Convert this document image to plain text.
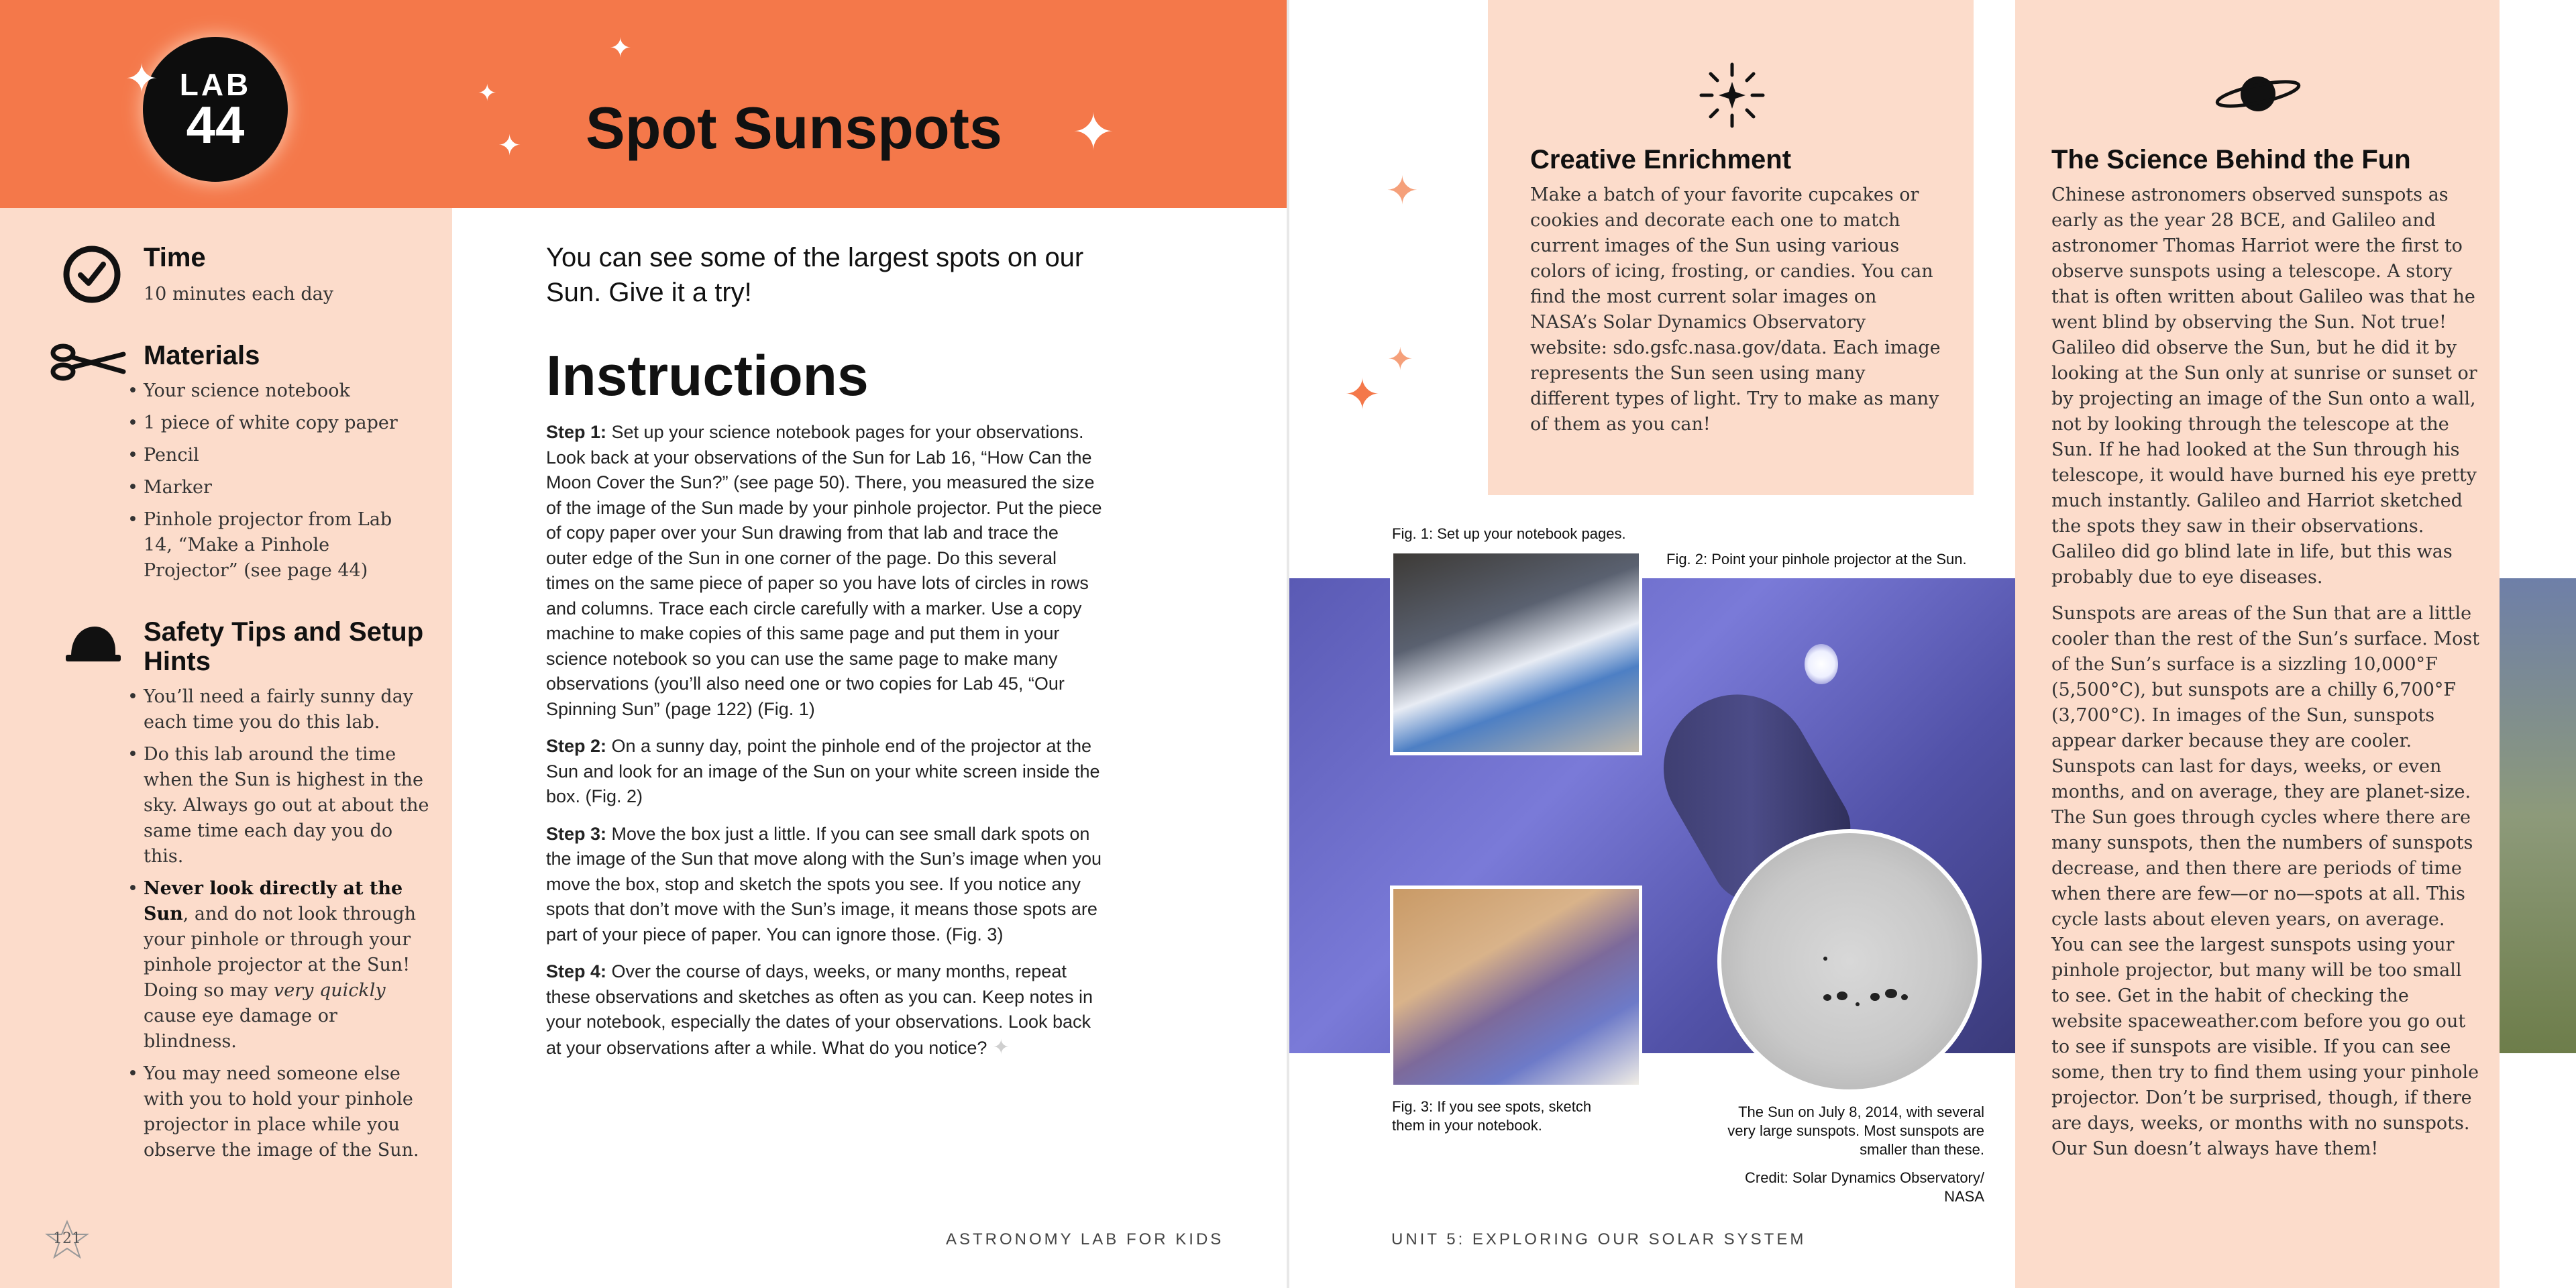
LAB
44
✦
✦
✦
✦	✦
Spot Sunspots
Time
10 minutes each day
Materials
• Your science notebook
• 1 piece of white copy paper
• Pencil
• Marker
• Pinhole projector from Lab 14, “Make a Pinhole Projector” (see page 44)
Safety Tips and Setup Hints
• You’ll need a fairly sunny day each time you do this lab.
• Do this lab around the time when the Sun is highest in the sky. Always go out at about the same time each day you do this.
• Never look directly at the Sun, and do not look through your pinhole or through your pinhole projector at the Sun! Doing so may very quickly cause eye damage or blindness.
• You may need someone else with you to hold your pinhole projector in place while you observe the image of the Sun.
You can see some of the largest spots on our Sun. Give it a try!
Instructions

Step 1: Set up your science notebook pages for your observations. Look back at your observations of the Sun for Lab 16, “How Can the Moon Cover the Sun?” (see page 50). There, you measured the size of the image of the Sun made by your pinhole projector. Put the piece of copy paper over your Sun drawing from that lab and trace the outer edge of the Sun in one corner of the page. Do this several times on the same piece of paper so you have lots of circles in rows and columns. Trace each circle carefully with a marker. Use a copy machine to make copies of this same page and put them in your science notebook so you can use the same page to make many observations (you’ll also need one or two copies for Lab 45, “Our Spinning Sun” (page 122) (Fig. 1)

Step 2: On a sunny day, point the pinhole end of the projector at the Sun and look for an image of the Sun on your white screen inside the box. (Fig. 2)

Step 3: Move the box just a little. If you can see small dark spots on the image of the Sun that move along with the Sun’s image when you move the box, stop and sketch the spots you see. If you notice any spots that don’t move with the Sun’s image, it means those spots are part of your piece of paper. You can ignore those. (Fig. 3)

Step 4: Over the course of days, weeks, or many months, repeat these observations and sketches as often as you can. Keep notes in your notebook, especially the dates of your observations. Look back at your observations after a while. What do you notice? ✦

121	ASTRONOMY LAB FOR KIDS
✦
✦
✦
Creative Enrichment
Make a batch of your favorite cupcakes or cookies and decorate each one to match current images of the Sun using various colors of icing, frosting, or candies. You can find the most current solar images on NASA’s Solar Dynamics Observatory website: sdo.gsfc.nasa.gov/data. Each image represents the Sun seen using many different types of light. Try to make as many of them as you can!
The Science Behind the Fun
Chinese astronomers observed sunspots as early as the year 28 BCE, and Galileo and astronomer Thomas Harriot were the first to observe sunspots using a telescope. A story that is often written about Galileo was that he went blind by observing the Sun. Not true! Galileo did observe the Sun, but he did it by looking at the Sun only at sunrise or sunset or by projecting an image of the Sun onto a wall, not by looking through the telescope at the Sun. If he had looked at the Sun through his telescope, it would have burned his eye pretty much instantly. Galileo and Harriot sketched the spots they saw in their observations. Galileo did go blind late in life, but this was probably due to eye diseases.
Sunspots are areas of the Sun that are a little cooler than the rest of the Sun’s surface. Most of the Sun’s surface is a sizzling 10,000°F (5,500°C), but sunspots are a chilly 6,700°F (3,700°C). In images of the Sun, sunspots appear darker because they are cooler. Sunspots can last for days, weeks, or even months, and on average, they are planet-size. The Sun goes through cycles where there are many sunspots, then the numbers of sunspots decrease, and then there are periods of time when there are few—or no—spots at all. This cycle lasts about eleven years, on average. You can see the largest sunspots using your pinhole projector, but many will be too small to see. Get in the habit of checking the website spaceweather.com before you go out to see if sunspots are visible. If you can see some, then try to find them using your pinhole projector. Don’t be surprised, though, if there are days, weeks, or months with no sunspots. Our Sun doesn’t always have them!
Fig. 1: Set up your notebook pages.
Fig. 2: Point your pinhole projector at the Sun.
Fig. 3: If you see spots, sketch them in your notebook.
The Sun on July 8, 2014, with several very large sunspots. Most sunspots are smaller than these.
Credit: Solar Dynamics Observatory/ NASA
UNIT 5: EXPLORING OUR SOLAR SYSTEM
